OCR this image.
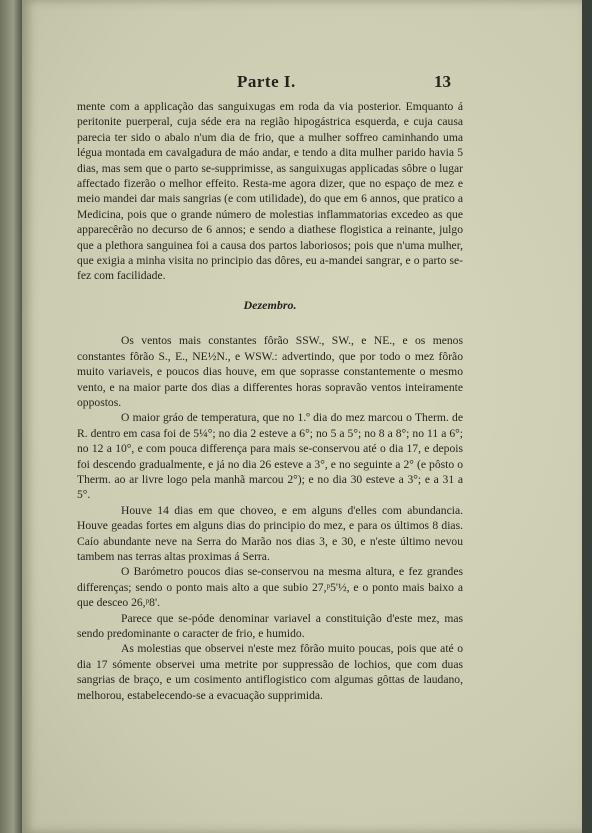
Parte I.	13

mente com a applicação das sanguixugas em roda da via posterior. Emquanto á peritonite puerperal, cuja séde era na região hipogástrica esquerda, e cuja causa parecia ter sido o abalo n'um dia de frio, que a mulher soffreo caminhando uma légua montada em cavalgadura de máo andar, e tendo a dita mulher parido havia 5 dias, mas sem que o parto se-supprimisse, as sanguixugas applicadas sôbre o lugar affectado fizerão o melhor effeito. Resta-me agora dizer, que no espaço de mez e meio mandei dar mais sangrias (e com utilidade), do que em 6 annos, que pratico a Medicina, pois que o grande número de molestias inflammatorias excedeo as que apparecêrão no decurso de 6 annos; e sendo a diathese flogistica a reinante, julgo que a plethora sanguinea foi a causa dos partos laboriosos; pois que n'uma mulher, que exigia a minha visita no principio das dôres, eu a-mandei sangrar, e o parto se-fez com facilidade.

Dezembro.

Os ventos mais constantes fôrão SSW., SW., e NE., e os menos constantes fôrão S., E., NE½N., e WSW.: advertindo, que por todo o mez fôrão muito variaveis, e poucos dias houve, em que soprasse constantemente o mesmo vento, e na maior parte dos dias a differentes horas sopravão ventos inteiramente oppostos.

O maior gráo de temperatura, que no 1.º dia do mez marcou o Therm. de R. dentro em casa foi de 5¼°; no dia 2 esteve a 6°; no 5 a 5°; no 8 a 8°; no 11 a 6°; no 12 a 10°, e com pouca differença para mais se-conservou até o dia 17, e depois foi descendo gradualmente, e já no dia 26 esteve a 3°, e no seguinte a 2° (e pôsto o Therm. ao ar livre logo pela manhã marcou 2°); e no dia 30 esteve a 3°; e a 31 a 5°.

Houve 14 dias em que choveo, e em alguns d'elles com abundancia. Houve geadas fortes em alguns dias do principio do mez, e para os últimos 8 dias. Caío abundante neve na Serra do Marão nos dias 3, e 30, e n'este último nevou tambem nas terras altas proximas á Serra.

O Barómetro poucos dias se-conservou na mesma altura, e fez grandes differenças; sendo o ponto mais alto a que subio 27,ᵖ5'½, e o ponto mais baixo a que desceo 26,ᵖ8'.

Parece que se-póde denominar variavel a constituição d'este mez, mas sendo predominante o caracter de frio, e humido.

As molestias que observei n'este mez fôrão muito poucas, pois que até o dia 17 sómente observei uma metrite por suppressão de lochios, que com duas sangrias de braço, e um cosimento antiflogistico com algumas gôttas de laudano, melhorou, estabelecendo-se a evacuação supprimida.
